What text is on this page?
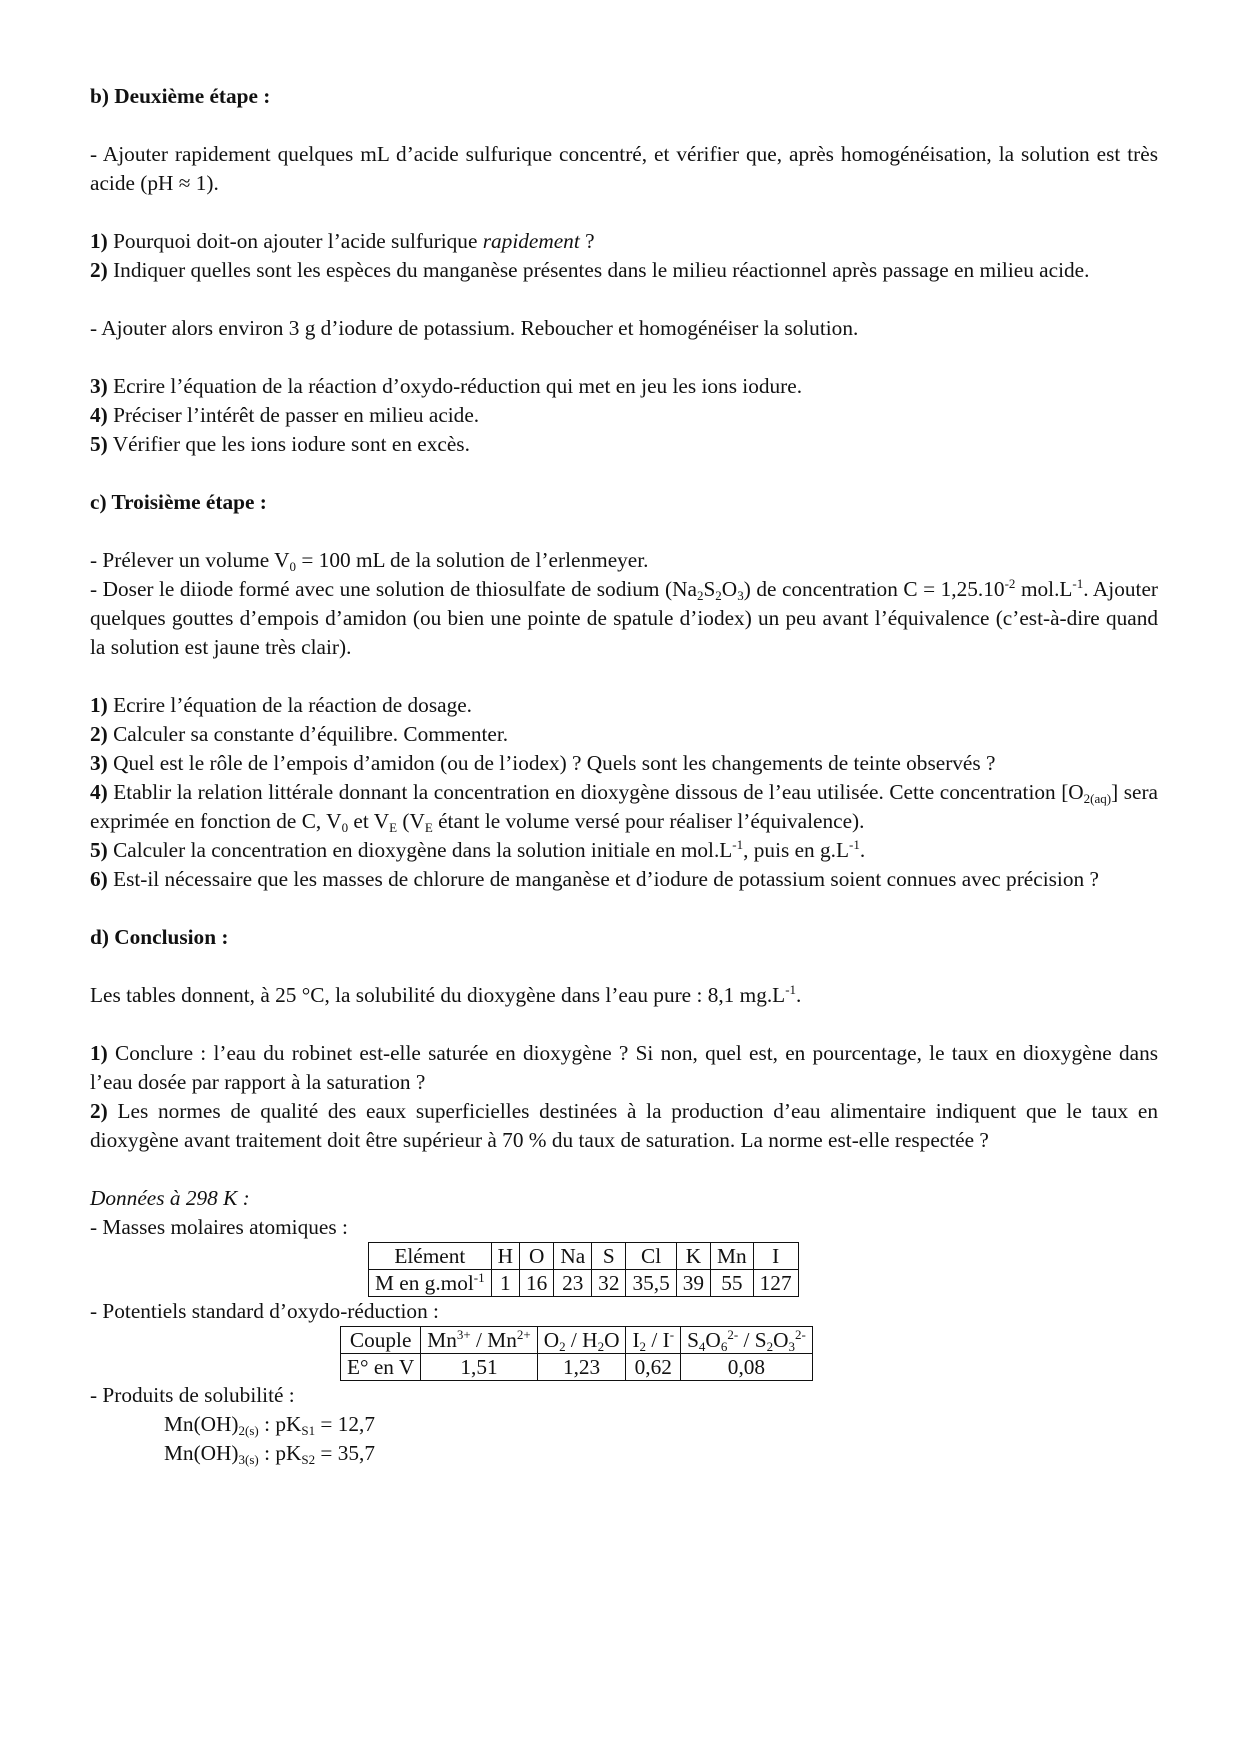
b) Deuxième étape :

- Ajouter rapidement quelques mL d’acide sulfurique concentré, et vérifier que, après homogénéisation, la solution est très acide (pH ≈ 1).

1) Pourquoi doit-on ajouter l’acide sulfurique rapidement ?

2) Indiquer quelles sont les espèces du manganèse présentes dans le milieu réactionnel après passage en milieu acide.

- Ajouter alors environ 3 g d’iodure de potassium. Reboucher et homogénéiser la solution.

3) Ecrire l’équation de la réaction d’oxydo-réduction qui met en jeu les ions iodure.

4) Préciser l’intérêt de passer en milieu acide.

5) Vérifier que les ions iodure sont en excès.

c) Troisième étape :

- Prélever un volume $V_0 = 100$ mL de la solution de l’erlenmeyer.

- Doser le diiode formé avec une solution de thiosulfate de sodium $(Na_2S_2O_3)$ de concentration $C = 1,25.10^{-2}$ $mol.L^{-1}$. Ajouter quelques gouttes d’empois d’amidon (ou bien une pointe de spatule d’iodex) un peu avant l’équivalence (c’est-à-dire quand la solution est jaune très clair).

1) Ecrire l’équation de la réaction de dosage.

2) Calculer sa constante d’équilibre. Commenter.

3) Quel est le rôle de l’empois d’amidon (ou de l’iodex) ? Quels sont les changements de teinte observés ?

4) Etablir la relation littérale donnant la concentration en dioxygène dissous de l’eau utilisée. Cette concentration $[O_{2(aq)}]$ sera exprimée en fonction de C, $V_0$ et $V_E$ ($V_E$ étant le volume versé pour réaliser l’équivalence).

5) Calculer la concentration en dioxygène dans la solution initiale en $mol.L^{-1}$, puis en $g.L^{-1}$.

6) Est-il nécessaire que les masses de chlorure de manganèse et d’iodure de potassium soient connues avec précision ?

d) Conclusion :

Les tables donnent, à 25 °C, la solubilité du dioxygène dans l’eau pure : 8,1 $mg.L^{-1}$.

1) Conclure : l’eau du robinet est-elle saturée en dioxygène ? Si non, quel est, en pourcentage, le taux en dioxygène dans l’eau dosée par rapport à la saturation ?

2) Les normes de qualité des eaux superficielles destinées à la production d’eau alimentaire indiquent que le taux en dioxygène avant traitement doit être supérieur à 70 % du taux de saturation. La norme est-elle respectée ?

Données à 298 K :

- Masses molaires atomiques :

Elément	H	O	Na	S	Cl	K	Mn	I
M en g.mol$^{-1}$	1	16	23	32	35,5	39	55	127

- Potentiels standard d’oxydo-réduction :

Couple	$Mn^{3+} / Mn^{2+}$	$O_2 / H_2O$	$I_2 / I^-$	$S_4O_6^{2-} / S_2O_3^{2-}$
E° en V	1,51	1,23	0,62	0,08

- Produits de solubilité :

$Mn(OH)_{2(s)}$ : $pK_{S1} = 12,7$

$Mn(OH)_{3(s)}$ : $pK_{S2} = 35,7$
